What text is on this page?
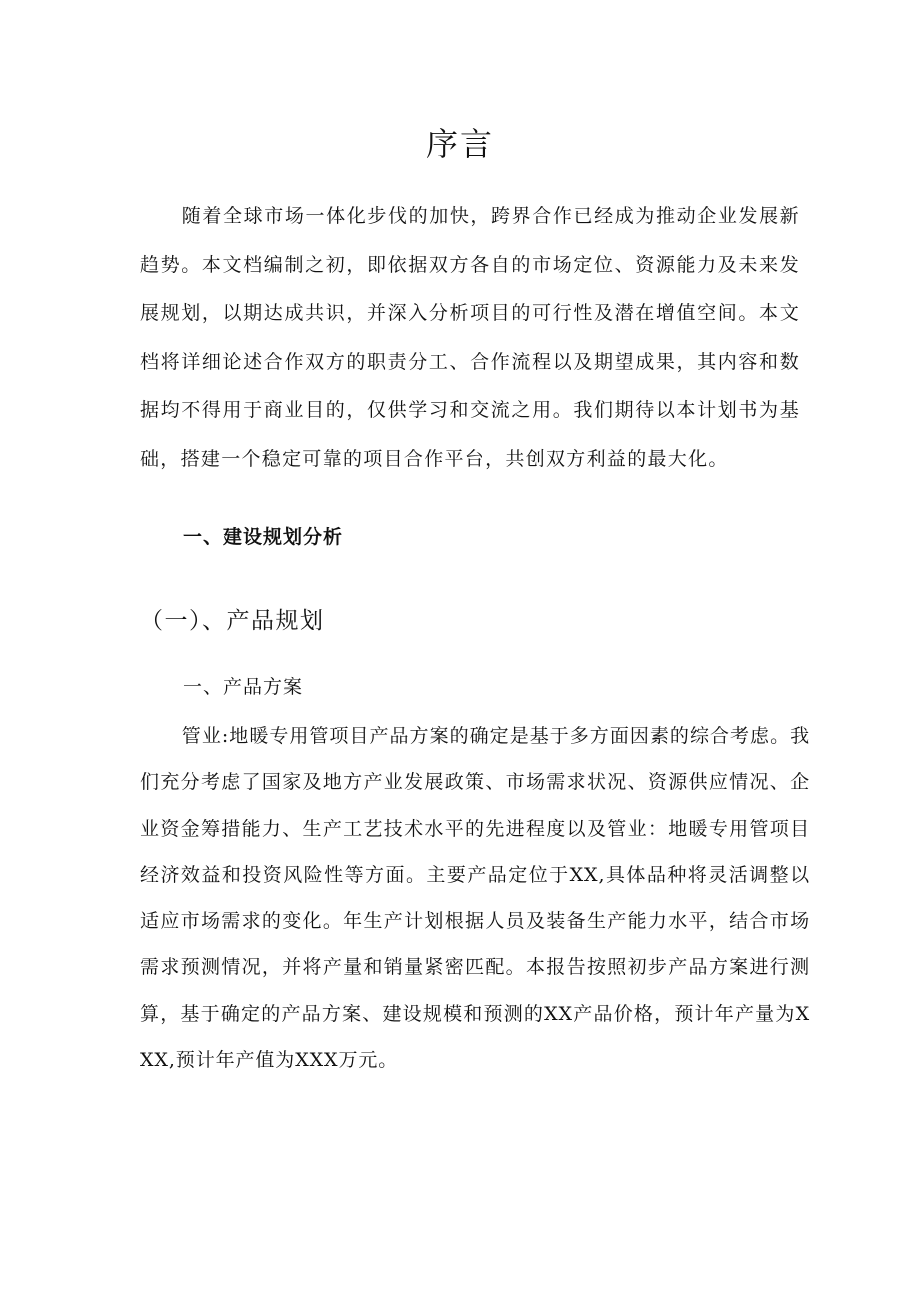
序言

随着全球市场一体化步伐的加快，跨界合作已经成为推动企业发展新趋势。本文档编制之初，即依据双方各自的市场定位、资源能力及未来发展规划，以期达成共识，并深入分析项目的可行性及潜在增值空间。本文档将详细论述合作双方的职责分工、合作流程以及期望成果，其内容和数据均不得用于商业目的，仅供学习和交流之用。我们期待以本计划书为基础，搭建一个稳定可靠的项目合作平台，共创双方利益的最大化。

一、建设规划分析
（一）、产品规划
一、产品方案

管业:地暖专用管项目产品方案的确定是基于多方面因素的综合考虑。我们充分考虑了国家及地方产业发展政策、市场需求状况、资源供应情况、企业资金筹措能力、生产工艺技术水平的先进程度以及管业：地暖专用管项目经济效益和投资风险性等方面。主要产品定位于XX,具体品种将灵活调整以适应市场需求的变化。年生产计划根据人员及装备生产能力水平，结合市场需求预测情况，并将产量和销量紧密匹配。本报告按照初步产品方案进行测算，基于确定的产品方案、建设规模和预测的XX产品价格，预计年产量为XXX,预计年产值为XXX万元。
